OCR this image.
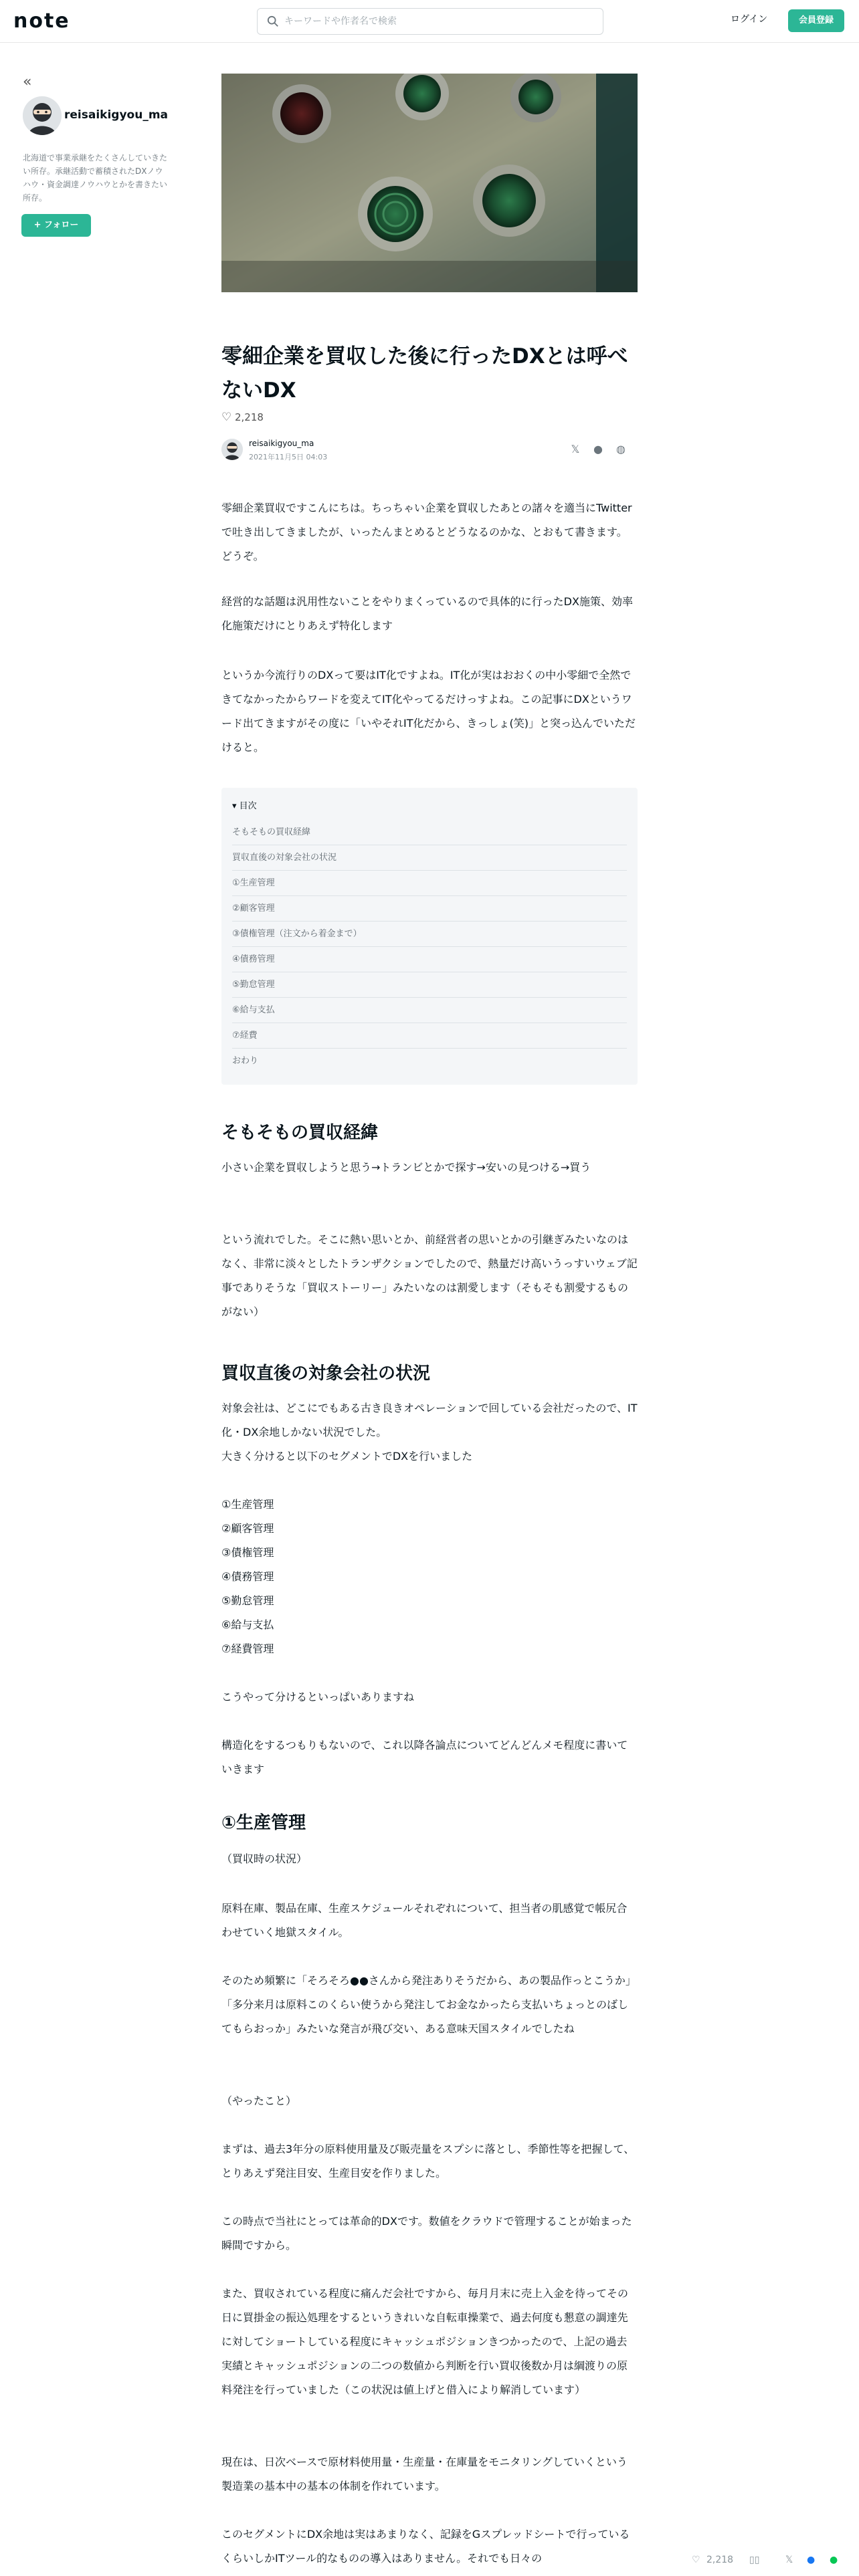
note
キーワードや作者名で検索	ログイン	会員登録
«
reisaikigyou_ma
北海道で事業承継をたくさんしていきたい所存。承継活動で蓄積されたDXノウハウ・資金調達ノウハウとかを書きたい所存。
+ フォロー
零細企業を買収した後に行ったDXとは呼べないDX
♡ 2,218
reisaikigyou_ma
2021年11月5日 04:03
𝕏 ● ◍
零細企業買収ですこんにちは。ちっちゃい企業を買収したあとの諸々を適当にTwitterで吐き出してきましたが、いったんまとめるとどうなるのかな、とおもて書きます。どうぞ。
経営的な話題は汎用性ないことをやりまくっているので具体的に行ったDX施策、効率化施策だけにとりあえず特化します
というか今流行りのDXって要はIT化ですよね。IT化が実はおおくの中小零細で全然できてなかったからワードを変えてIT化やってるだけっすよね。この記事にDXというワード出てきますがその度に「いやそれIT化だから、きっしょ(笑)」と突っ込んでいただけると。
▾ 目次
そもそもの買収経緯
買収直後の対象会社の状況
①生産管理
②顧客管理
③債権管理（注文から着金まで）
④債務管理
⑤勤怠管理
⑥給与支払
⑦経費
おわり
そもそもの買収経緯
小さい企業を買収しようと思う→トランビとかで探す→安いの見つける→買う
という流れでした。そこに熱い思いとか、前経営者の思いとかの引継ぎみたいなのはなく、非常に淡々としたトランザクションでしたので、熱量だけ高いうっすいウェブ記事でありそうな「買収ストーリー」みたいなのは割愛します（そもそも割愛するものがない）
買収直後の対象会社の状況
対象会社は、どこにでもある古き良きオペレーションで回している会社だったので、IT化・DX余地しかない状況でした。
大きく分けると以下のセグメントでDXを行いました
①生産管理
②顧客管理
③債権管理
④債務管理
⑤勤怠管理
⑥給与支払
⑦経費管理
こうやって分けるといっぱいありますね
構造化をするつもりもないので、これ以降各論点についてどんどんメモ程度に書いていきます
①生産管理
（買収時の状況）
原料在庫、製品在庫、生産スケジュールそれぞれについて、担当者の肌感覚で帳尻合わせていく地獄スタイル。
そのため頻繁に「そろそろ●●さんから発注ありそうだから、あの製品作っとこうか」「多分来月は原料このくらい使うから発注してお金なかったら支払いちょっとのばしてもらおっか」みたいな発言が飛び交い、ある意味天国スタイルでしたね
（やったこと）
まずは、過去3年分の原料使用量及び販売量をスプシに落とし、季節性等を把握して、とりあえず発注目安、生産目安を作りました。
この時点で当社にとっては革命的DXです。数値をクラウドで管理することが始まった瞬間ですから。
また、買収されている程度に痛んだ会社ですから、毎月月末に売上入金を待ってその日に買掛金の振込処理をするというきれいな自転車操業で、過去何度も懇意の調達先に対してショートしている程度にキャッシュポジションきつかったので、上記の過去実績とキャッシュポジションの二つの数値から判断を行い買収後数か月は綱渡りの原料発注を行っていました（この状況は値上げと借入により解消しています）
現在は、日次ベースで原材料使用量・生産量・在庫量をモニタリングしていくという製造業の基本中の基本の体制を作れています。
このセグメントにDX余地は実はあまりなく、記録をGスプレッドシートで行っているくらいしかITツール的なものの導入はありません。それでも日々の	♡ 2,218 ▯▯	𝕏 ● ●
